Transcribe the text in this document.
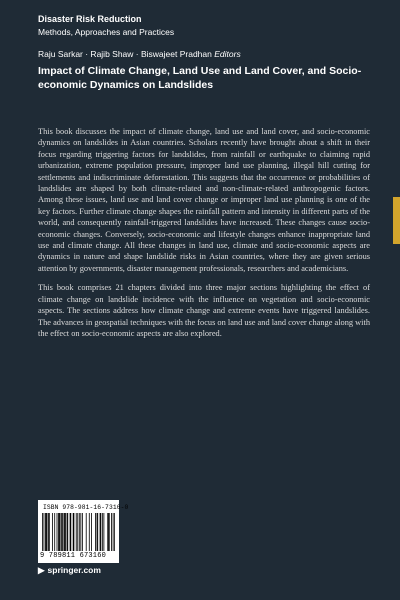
Disaster Risk Reduction
Methods, Approaches and Practices
Raju Sarkar · Rajib Shaw · Biswajeet Pradhan Editors
Impact of Climate Change, Land Use and Land Cover, and Socio-economic Dynamics on Landslides

This book discusses the impact of climate change, land use and land cover, and socio-economic dynamics on landslides in Asian countries. Scholars recently have brought about a shift in their focus regarding triggering factors for landslides, from rainfall or earthquake to claiming rapid urbanization, extreme population pressure, improper land use planning, illegal hill cutting for settlements and indiscriminate deforestation. This suggests that the occurrence or probabilities of landslides are shaped by both climate-related and non-climate-related anthropogenic factors. Among these issues, land use and land cover change or improper land use planning is one of the key factors. Further climate change shapes the rainfall pattern and intensity in different parts of the world, and consequently rainfall-triggered landslides have increased. These changes cause socio-economic changes. Conversely, socio-economic and lifestyle changes enhance inappropriate land use and climate change. All these changes in land use, climate and socio-economic aspects are dynamics in nature and shape landslide risks in Asian countries, where they are given serious attention by governments, disaster management professionals, researchers and academicians.

This book comprises 21 chapters divided into three major sections highlighting the effect of climate change on landslide incidence with the influence on vegetation and socio-economic aspects. The sections address how climate change and extreme events have triggered landslides. The advances in geospatial techniques with the focus on land use and land cover change along with the effect on socio-economic aspects are also explored.

ISBN 978-981-16-7316-0
9 789811 673160
▶ springer.com
